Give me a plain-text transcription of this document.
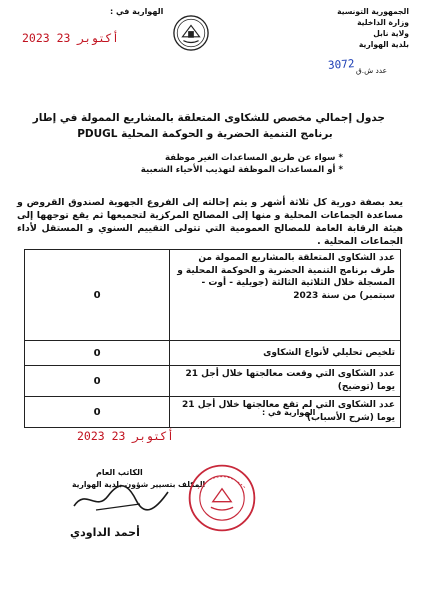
الجمهورية التونسية
وزارة الداخلية
ولاية نابل
بلدية الهوارية
الهوارية في :
2023 أكتوبر 23
3072 عدد ش.ق
جدول إجمالي مخصص للشكاوى المتعلقة بالمشاريع الممولة في إطار
برنامج التنمية الحضرية و الحوكمة المحلية PDUGL
* سواء عن طريق المساعدات الغير موظفة
* أو المساعدات الموظفة لتهذيب الأحياء الشعبية
يعد بصفة دورية كل ثلاثة أشهر و يتم إحالته إلى الفروع الجهوية لصندوق القروض و مساعدة الجماعات المحلية و منها إلى المصالح المركزية لتجميعها ثم يقع توجهها إلى هيئة الرقابة العامة للمصالح العمومية التي تتولى التقييم السنوي و المستقل لأداء الجماعات المحلية .
0	عدد الشكاوى المتعلقة بالمشاريع الممولة من طرف برنامج التنمية الحضرية و الحوكمة المحلية و المسجلة خلال الثلاثية الثالثة (جويلية - أوت - سبتمبر) من سنة 2023
0	تلخيص تحليلي لأنواع الشكاوى
0	عدد الشكاوى التي وقعت معالجتها خلال أجل 21 يوما (توضيح)
0	عدد الشكاوى التي لم تقع معالجتها خلال أجل 21 يوما (شرح الأسباب)
الهوارية في :
2023 أكتوبر 23
الكاتب العام
المكلف بتسيير شؤون بلدية الهوارية
أحمد الداودي
